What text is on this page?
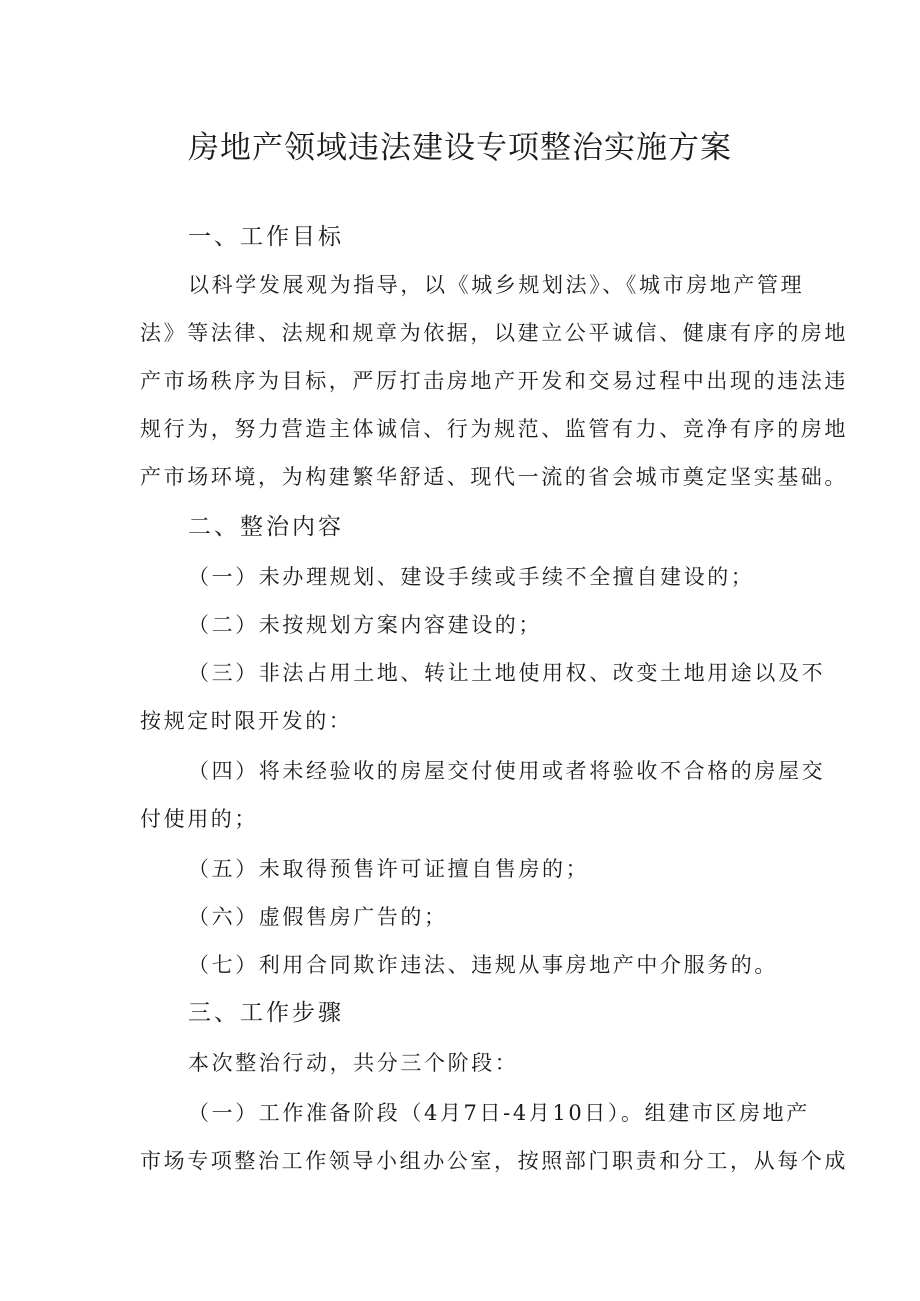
房地产领域违法建设专项整治实施方案
一、工作目标
以科学发展观为指导，以《城乡规划法》、《城市房地产管理
法》等法律、法规和规章为依据，以建立公平诚信、健康有序的房地
产市场秩序为目标，严厉打击房地产开发和交易过程中出现的违法违
规行为，努力营造主体诚信、行为规范、监管有力、竞净有序的房地
产市场环境，为构建繁华舒适、现代一流的省会城市奠定坚实基础。
二、整治内容
（一）未办理规划、建设手续或手续不全擅自建设的；
（二）未按规划方案内容建设的；
（三）非法占用土地、转让土地使用权、改变土地用途以及不
按规定时限开发的：
（四）将未经验收的房屋交付使用或者将验收不合格的房屋交
付使用的；
（五）未取得预售许可证擅自售房的；
（六）虚假售房广告的；
（七）利用合同欺诈违法、违规从事房地产中介服务的。
三、工作步骤
本次整治行动，共分三个阶段：
（一）工作准备阶段（4月7日-4月10日）。组建市区房地产
市场专项整治工作领导小组办公室，按照部门职责和分工，从每个成
